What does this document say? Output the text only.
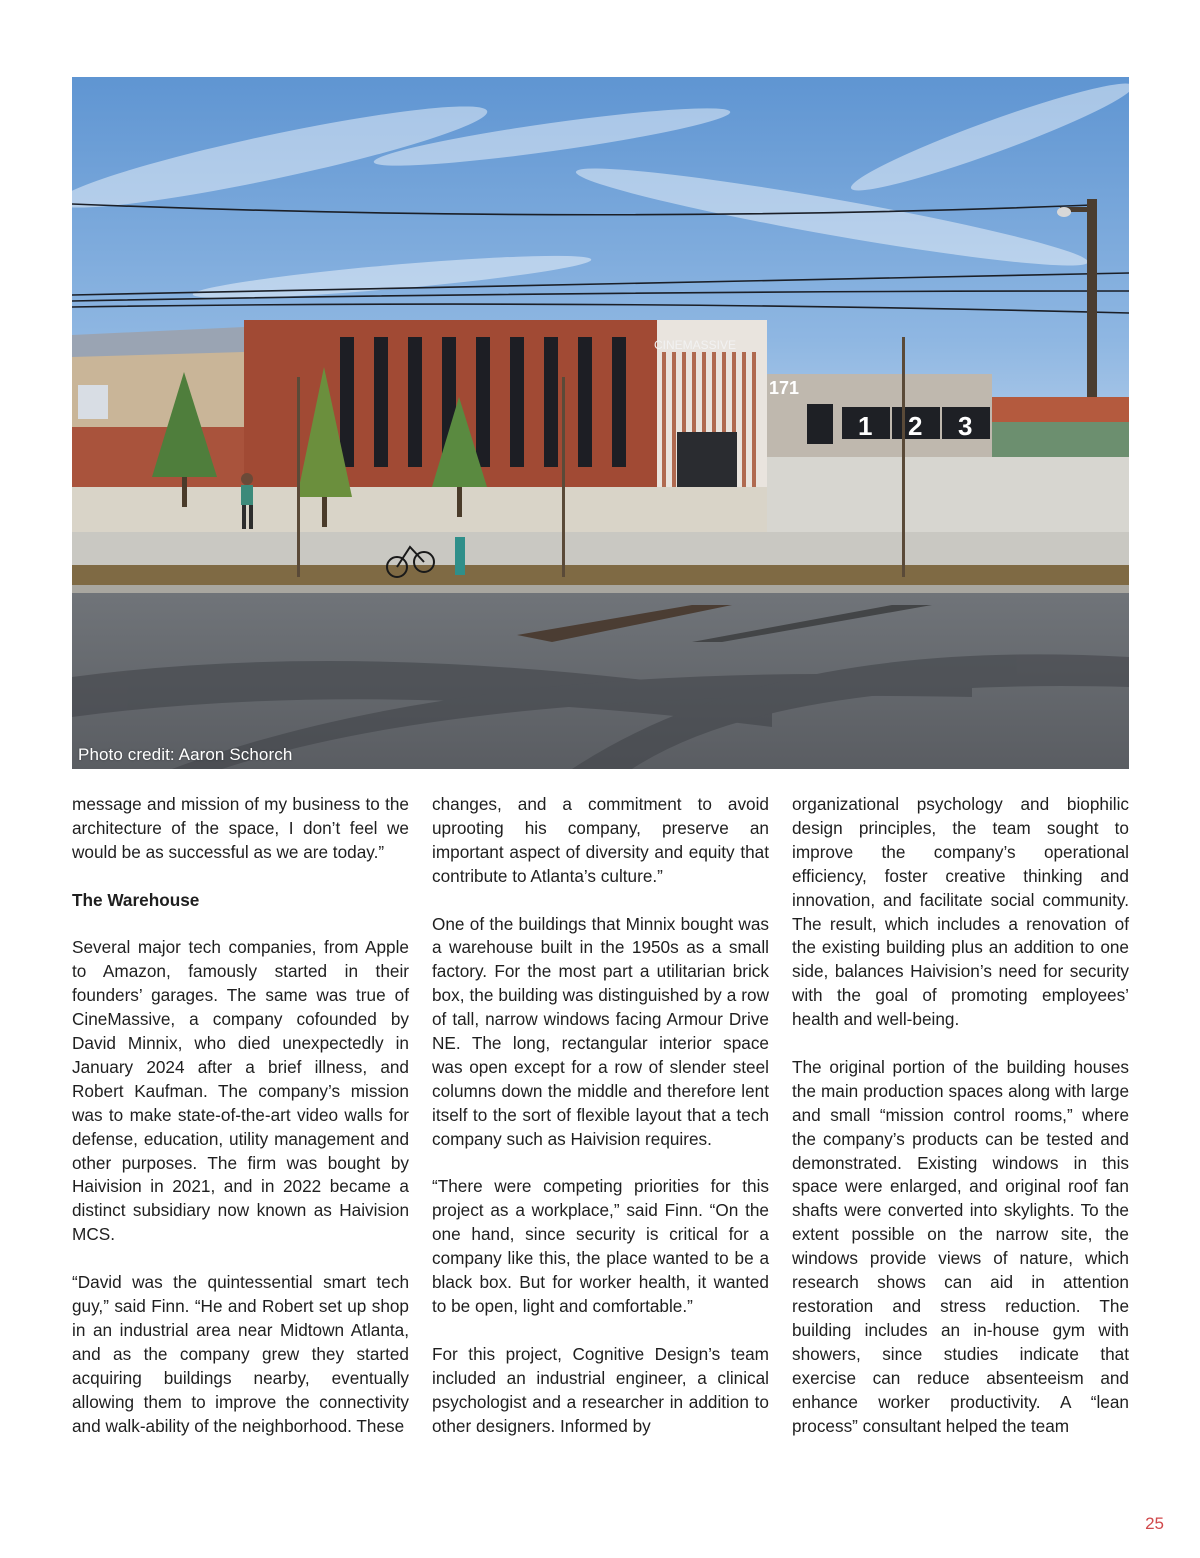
CINEMASSIVE
171
1 2 3
Photo credit: Aaron Schorch

message and mission of my business to the architecture of the space, I don’t feel we would be as successful as we are today.”

The Warehouse

Several major tech companies, from Apple to Amazon, famously started in their founders’ garages. The same was true of CineMassive, a company cofounded by David Minnix, who died unexpectedly in January 2024 after a brief illness, and Robert Kaufman. The company’s mission was to make state-of-the-art video walls for defense, education, utility management and other purposes. The firm was bought by Haivision in 2021, and in 2022 became a distinct subsidiary now known as Haivision MCS.

“David was the quintessential smart tech guy,” said Finn. “He and Robert set up shop in an industrial area near Midtown Atlanta, and as the company grew they started acquiring buildings nearby, eventually allowing them to improve the connectivity and walk-ability of the neighborhood. These

changes, and a commitment to avoid uprooting his company, preserve an important aspect of diversity and equity that contribute to Atlanta’s culture.”

One of the buildings that Minnix bought was a warehouse built in the 1950s as a small factory. For the most part a utilitarian brick box, the building was distinguished by a row of tall, narrow windows facing Armour Drive NE. The long, rectangular interior space was open except for a row of slender steel columns down the middle and therefore lent itself to the sort of flexible layout that a tech company such as Haivision requires.

“There were competing priorities for this project as a workplace,” said Finn. “On the one hand, since security is critical for a company like this, the place wanted to be a black box. But for worker health, it wanted to be open, light and comfortable.”

For this project, Cognitive Design’s team included an industrial engineer, a clinical psychologist and a researcher in addition to other designers. Informed by

organizational psychology and biophilic design principles, the team sought to improve the company’s operational efficiency, foster creative thinking and innovation, and facilitate social community. The result, which includes a renovation of the existing building plus an addition to one side, balances Haivision’s need for security with the goal of promoting employees’ health and well-being.

The original portion of the building houses the main production spaces along with large and small “mission control rooms,” where the company’s products can be tested and demonstrated. Existing windows in this space were enlarged, and original roof fan shafts were converted into skylights. To the extent possible on the narrow site, the windows provide views of nature, which research shows can aid in attention restoration and stress reduction. The building includes an in-house gym with showers, since studies indicate that exercise can reduce absenteeism and enhance worker productivity. A “lean process” consultant helped the team

25
